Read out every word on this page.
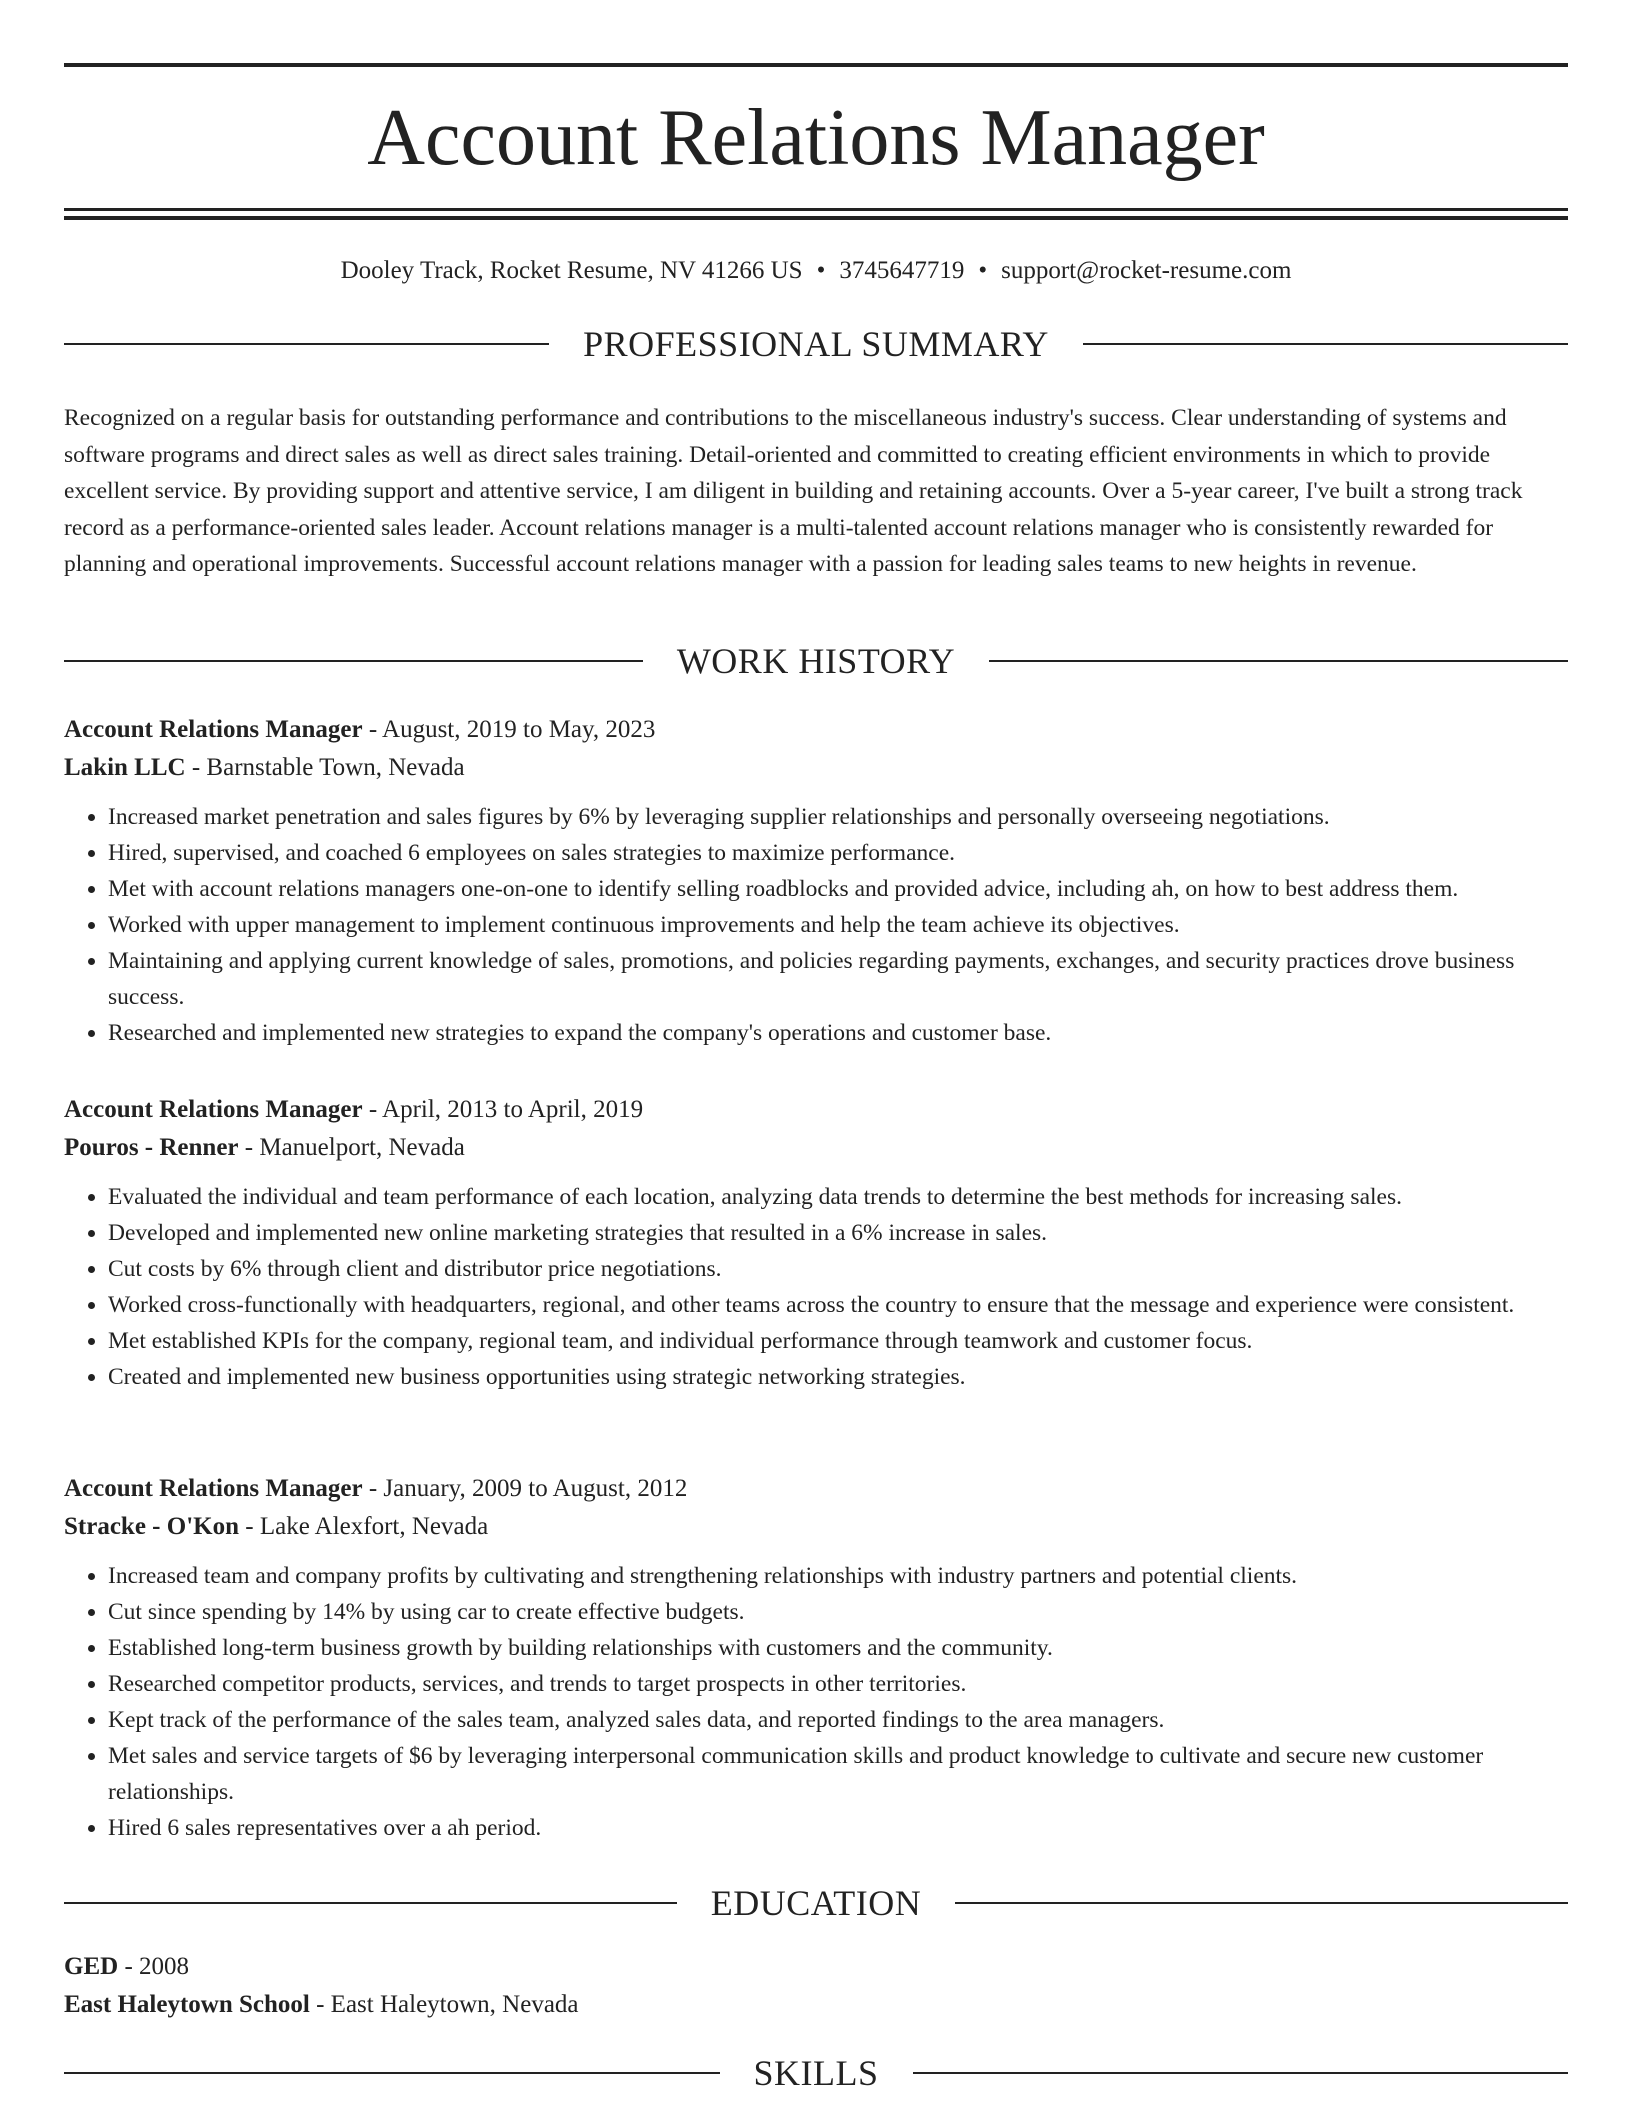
Account Relations Manager
Dooley Track, Rocket Resume, NV 41266 US • 3745647719 • support@rocket-resume.com
PROFESSIONAL SUMMARY

Recognized on a regular basis for outstanding performance and contributions to the miscellaneous industry's success. Clear understanding of systems and software programs and direct sales as well as direct sales training. Detail-oriented and committed to creating efficient environments in which to provide excellent service. By providing support and attentive service, I am diligent in building and retaining accounts. Over a 5-year career, I've built a strong track record as a performance-oriented sales leader. Account relations manager is a multi-talented account relations manager who is consistently rewarded for planning and operational improvements. Successful account relations manager with a passion for leading sales teams to new heights in revenue.

WORK HISTORY

Account Relations Manager - August, 2019 to May, 2023

Lakin LLC - Barnstable Town, Nevada

• Increased market penetration and sales figures by 6% by leveraging supplier relationships and personally overseeing negotiations.
• Hired, supervised, and coached 6 employees on sales strategies to maximize performance.
• Met with account relations managers one-on-one to identify selling roadblocks and provided advice, including ah, on how to best address them.
• Worked with upper management to implement continuous improvements and help the team achieve its objectives.
• Maintaining and applying current knowledge of sales, promotions, and policies regarding payments, exchanges, and security practices drove business success.
• Researched and implemented new strategies to expand the company's operations and customer base.

Account Relations Manager - April, 2013 to April, 2019

Pouros - Renner - Manuelport, Nevada

• Evaluated the individual and team performance of each location, analyzing data trends to determine the best methods for increasing sales.
• Developed and implemented new online marketing strategies that resulted in a 6% increase in sales.
• Cut costs by 6% through client and distributor price negotiations.
• Worked cross-functionally with headquarters, regional, and other teams across the country to ensure that the message and experience were consistent.
• Met established KPIs for the company, regional team, and individual performance through teamwork and customer focus.
• Created and implemented new business opportunities using strategic networking strategies.

Account Relations Manager - January, 2009 to August, 2012

Stracke - O'Kon - Lake Alexfort, Nevada

• Increased team and company profits by cultivating and strengthening relationships with industry partners and potential clients.
• Cut since spending by 14% by using car to create effective budgets.
• Established long-term business growth by building relationships with customers and the community.
• Researched competitor products, services, and trends to target prospects in other territories.
• Kept track of the performance of the sales team, analyzed sales data, and reported findings to the area managers.
• Met sales and service targets of $6 by leveraging interpersonal communication skills and product knowledge to cultivate and secure new customer relationships.
• Hired 6 sales representatives over a ah period.
EDUCATION

GED - 2008

East Haleytown School - East Haleytown, Nevada

SKILLS
